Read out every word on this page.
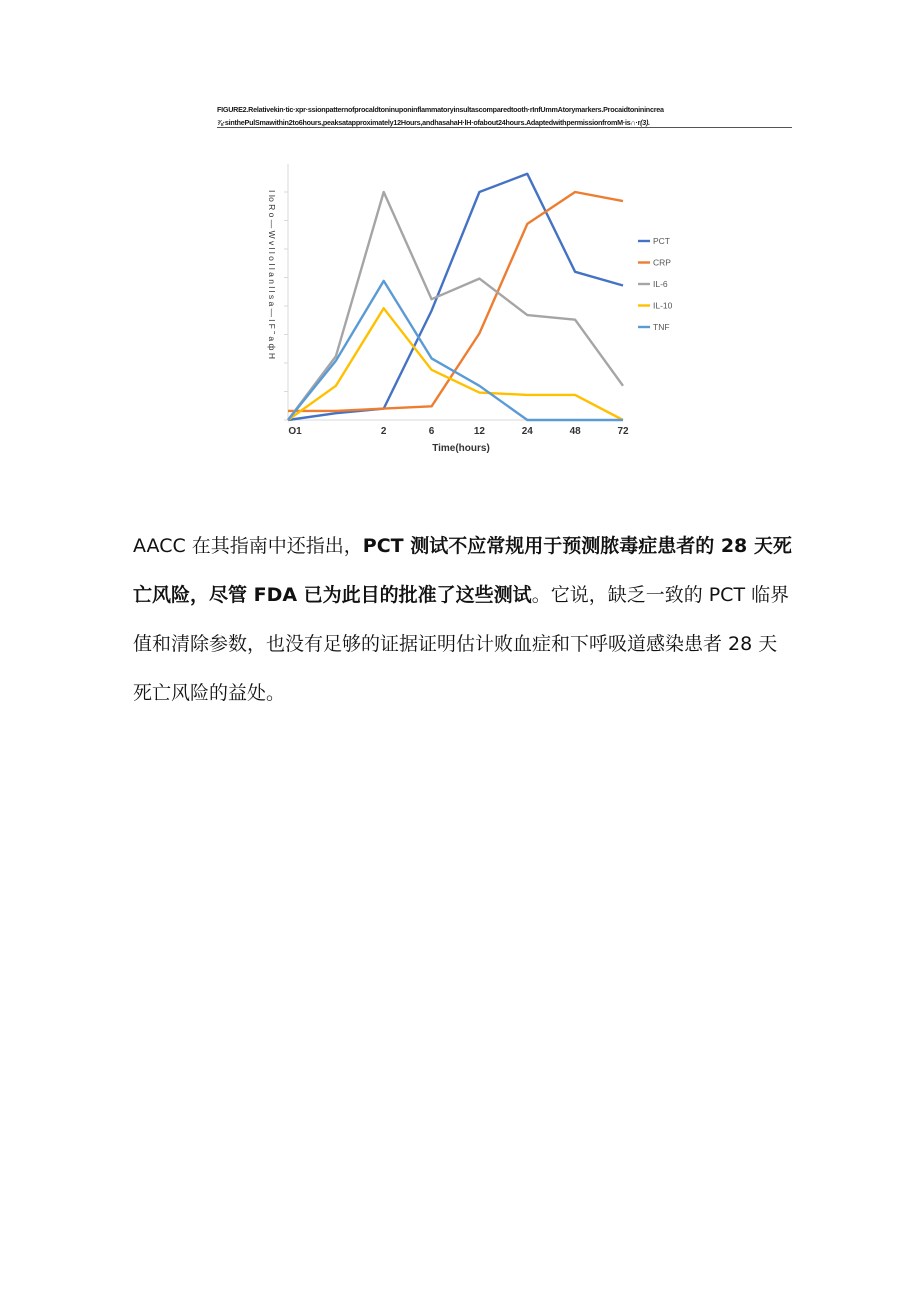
FIGURE2.Relativekin·tic·xpr·ssionpatternofprocaldtoninuponinflammatoryinsultascomparedtooth·rInfUmmAtorymarkers.Procaidtoninincrea
⅞·sinthePulSmawithin2to6hours,peaksatapproximately12Hours,andhasahaH·lH·ofabout24hours.AdaptedwithpermissionfromM·is∩·r(3).
O1	2	6	12	24	48	72
Time(hours)
I Io R o — W v l l o I l a n l l s a — l F ˜ a ф H	PCT
CRP
IL-6
IL-10
TNF
AACC 在其指南中还指出，PCT 测试不应常规用于预测脓毒症患者的 28 天死亡风险，尽管 FDA 已为此目的批准了这些测试。它说，缺乏一致的 PCT 临界值和清除参数，也没有足够的证据证明估计败血症和下呼吸道感染患者 28 天死亡风险的益处。
